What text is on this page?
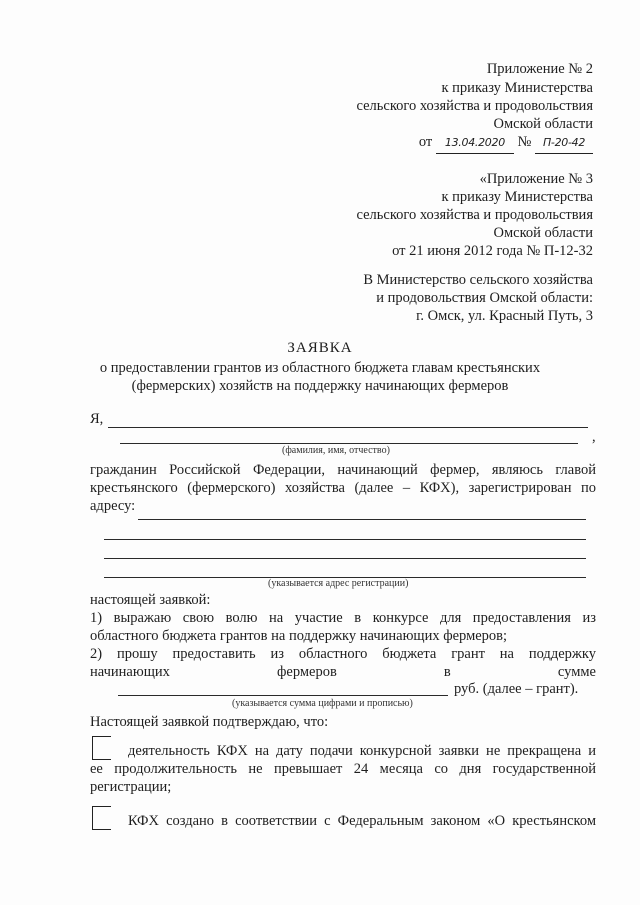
Приложение № 2
к приказу Министерства
сельского хозяйства и продовольствия
Омской области
от 13.04.2020 № П-20-42
«Приложение № 3
к приказу Министерства
сельского хозяйства и продовольствия
Омской области
от 21 июня 2012 года № П-12-32
В Министерство сельского хозяйства
и продовольствия Омской области:
г. Омск, ул. Красный Путь, 3
ЗАЯВКА
о предоставлении грантов из областного бюджета главам крестьянских
(фермерских) хозяйств на поддержку начинающих фермеров
Я,
,
(фамилия, имя, отчество)
гражданин Российской Федерации, начинающий фермер, являюсь главой
крестьянского (фермерского) хозяйства (далее – КФХ), зарегистрирован по
адресу:
(указывается адрес регистрации)
настоящей заявкой:
1) выражаю свою волю на участие в конкурсе для предоставления из
областного бюджета грантов на поддержку начинающих фермеров;
2) прошу предоставить из областного бюджета грант на поддержку
начинающих фермеров в сумме
руб. (далее – грант).
(указывается сумма цифрами и прописью)
Настоящей заявкой подтверждаю, что:
деятельность КФХ на дату подачи конкурсной заявки не прекращена и
ее продолжительность не превышает 24 месяца со дня государственной
регистрации;
КФХ создано в соответствии с Федеральным законом «О крестьянском
